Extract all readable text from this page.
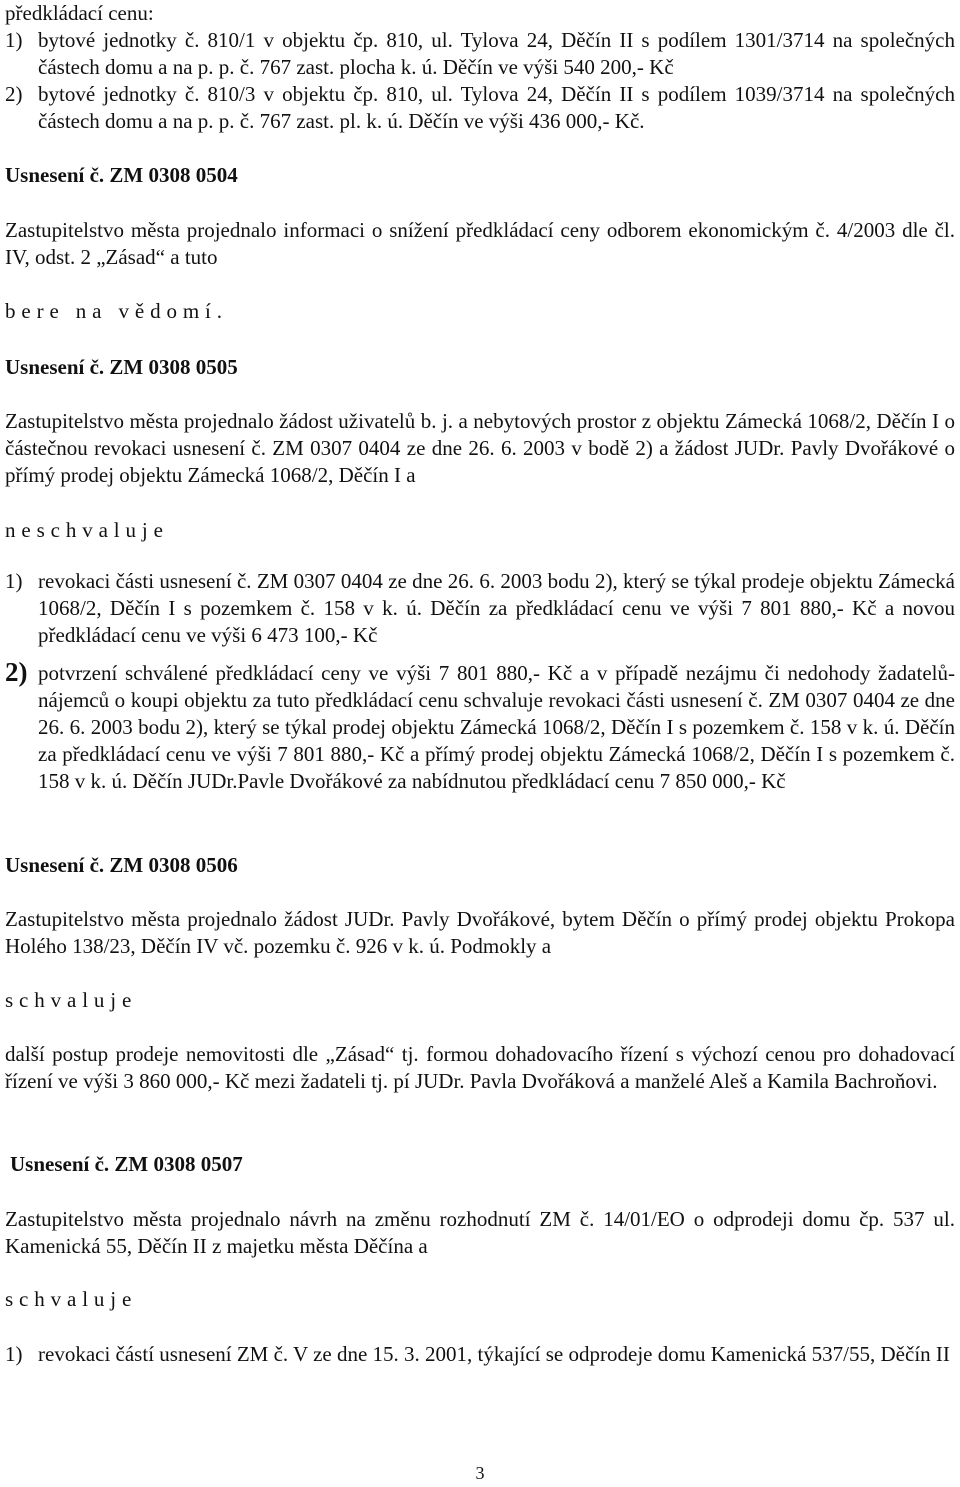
předkládací cenu:

1) bytové jednotky č. 810/1 v objektu čp. 810, ul. Tylova 24, Děčín II s podílem 1301/3714 na společných částech domu a na p. p. č. 767 zast. plocha k. ú. Děčín ve výši 540 200,- Kč
2) bytové jednotky č. 810/3 v objektu čp. 810, ul. Tylova 24, Děčín II s podílem 1039/3714 na společných částech domu a na p. p. č. 767 zast. pl. k. ú. Děčín ve výši 436 000,- Kč.

Usnesení č. ZM 0308 0504

Zastupitelstvo města projednalo informaci o snížení předkládací ceny odborem ekonomickým č. 4/2003 dle čl. IV, odst. 2 „Zásad“ a tuto

bere na vědomí.

Usnesení č. ZM 0308 0505

Zastupitelstvo města projednalo žádost uživatelů b. j. a nebytových prostor z objektu Zámecká 1068/2, Děčín I o částečnou revokaci usnesení č. ZM 0307 0404 ze dne 26. 6. 2003 v bodě 2) a žádost JUDr. Pavly Dvořákové o přímý prodej objektu Zámecká 1068/2, Děčín I a

neschvaluje

1) revokaci části usnesení č. ZM 0307 0404 ze dne 26. 6. 2003 bodu 2), který se týkal prodeje objektu Zámecká 1068/2, Děčín I s pozemkem č. 158 v k. ú. Děčín za předkládací cenu ve výši 7 801 880,- Kč a novou předkládací cenu ve výši 6 473 100,- Kč
2) potvrzení schválené předkládací ceny ve výši 7 801 880,- Kč a v případě nezájmu či nedohody žadatelů-nájemců o koupi objektu za tuto předkládací cenu schvaluje revokaci části usnesení č. ZM 0307 0404 ze dne 26. 6. 2003 bodu 2), který se týkal prodej objektu Zámecká 1068/2, Děčín I s pozemkem č. 158 v k. ú. Děčín za předkládací cenu ve výši 7 801 880,- Kč a přímý prodej objektu Zámecká 1068/2, Děčín I s pozemkem č. 158 v k. ú. Děčín JUDr.Pavle Dvořákové za nabídnutou předkládací cenu 7 850 000,- Kč

Usnesení č. ZM 0308 0506

Zastupitelstvo města projednalo žádost JUDr. Pavly Dvořákové, bytem Děčín o přímý prodej objektu Prokopa Holého 138/23, Děčín IV vč. pozemku č. 926 v k. ú. Podmokly a

schvaluje

další postup prodeje nemovitosti dle „Zásad“ tj. formou dohadovacího řízení s výchozí cenou pro dohadovací řízení ve výši 3 860 000,- Kč mezi žadateli tj. pí JUDr. Pavla Dvořáková a manželé Aleš a Kamila Bachroňovi.

Usnesení č. ZM 0308 0507

Zastupitelstvo města projednalo návrh na změnu rozhodnutí ZM č. 14/01/EO o odprodeji domu čp. 537 ul. Kamenická 55, Děčín II z majetku města Děčína a

schvaluje

1) revokaci částí usnesení ZM č. V ze dne 15. 3. 2001, týkající se odprodeje domu Kamenická 537/55, Děčín II
3
